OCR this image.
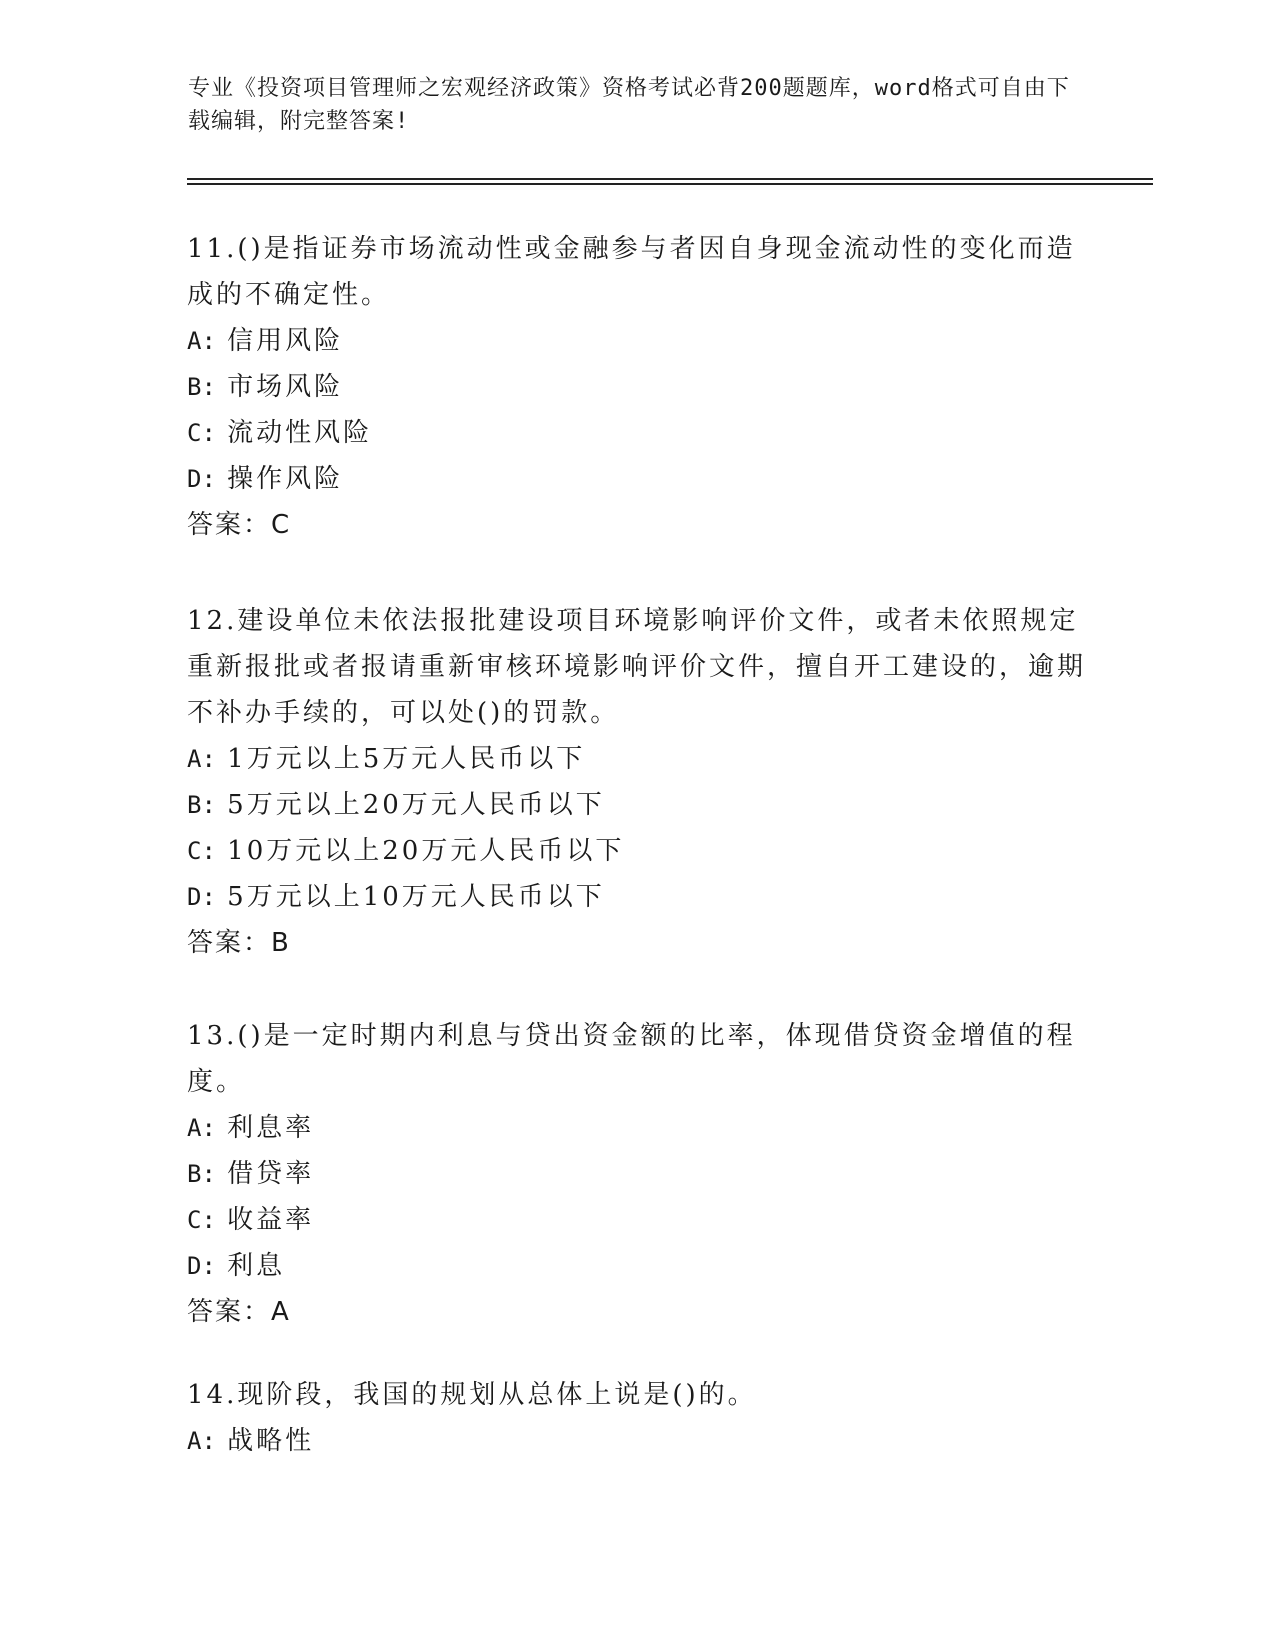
专业《投资项目管理师之宏观经济政策》资格考试必背200题题库，word格式可自由下载编辑，附完整答案!
11.()是指证券市场流动性或金融参与者因自身现金流动性的变化而造成的不确定性。
A: 信用风险
B: 市场风险
C: 流动性风险
D: 操作风险
答案：C
12.建设单位未依法报批建设项目环境影响评价文件，或者未依照规定重新报批或者报请重新审核环境影响评价文件，擅自开工建设的，逾期不补办手续的，可以处()的罚款。
A: 1万元以上5万元人民币以下
B: 5万元以上20万元人民币以下
C: 10万元以上20万元人民币以下
D: 5万元以上10万元人民币以下
答案：B
13.()是一定时期内利息与贷出资金额的比率，体现借贷资金增值的程度。
A: 利息率
B: 借贷率
C: 收益率
D: 利息
答案：A
14.现阶段，我国的规划从总体上说是()的。
A: 战略性
